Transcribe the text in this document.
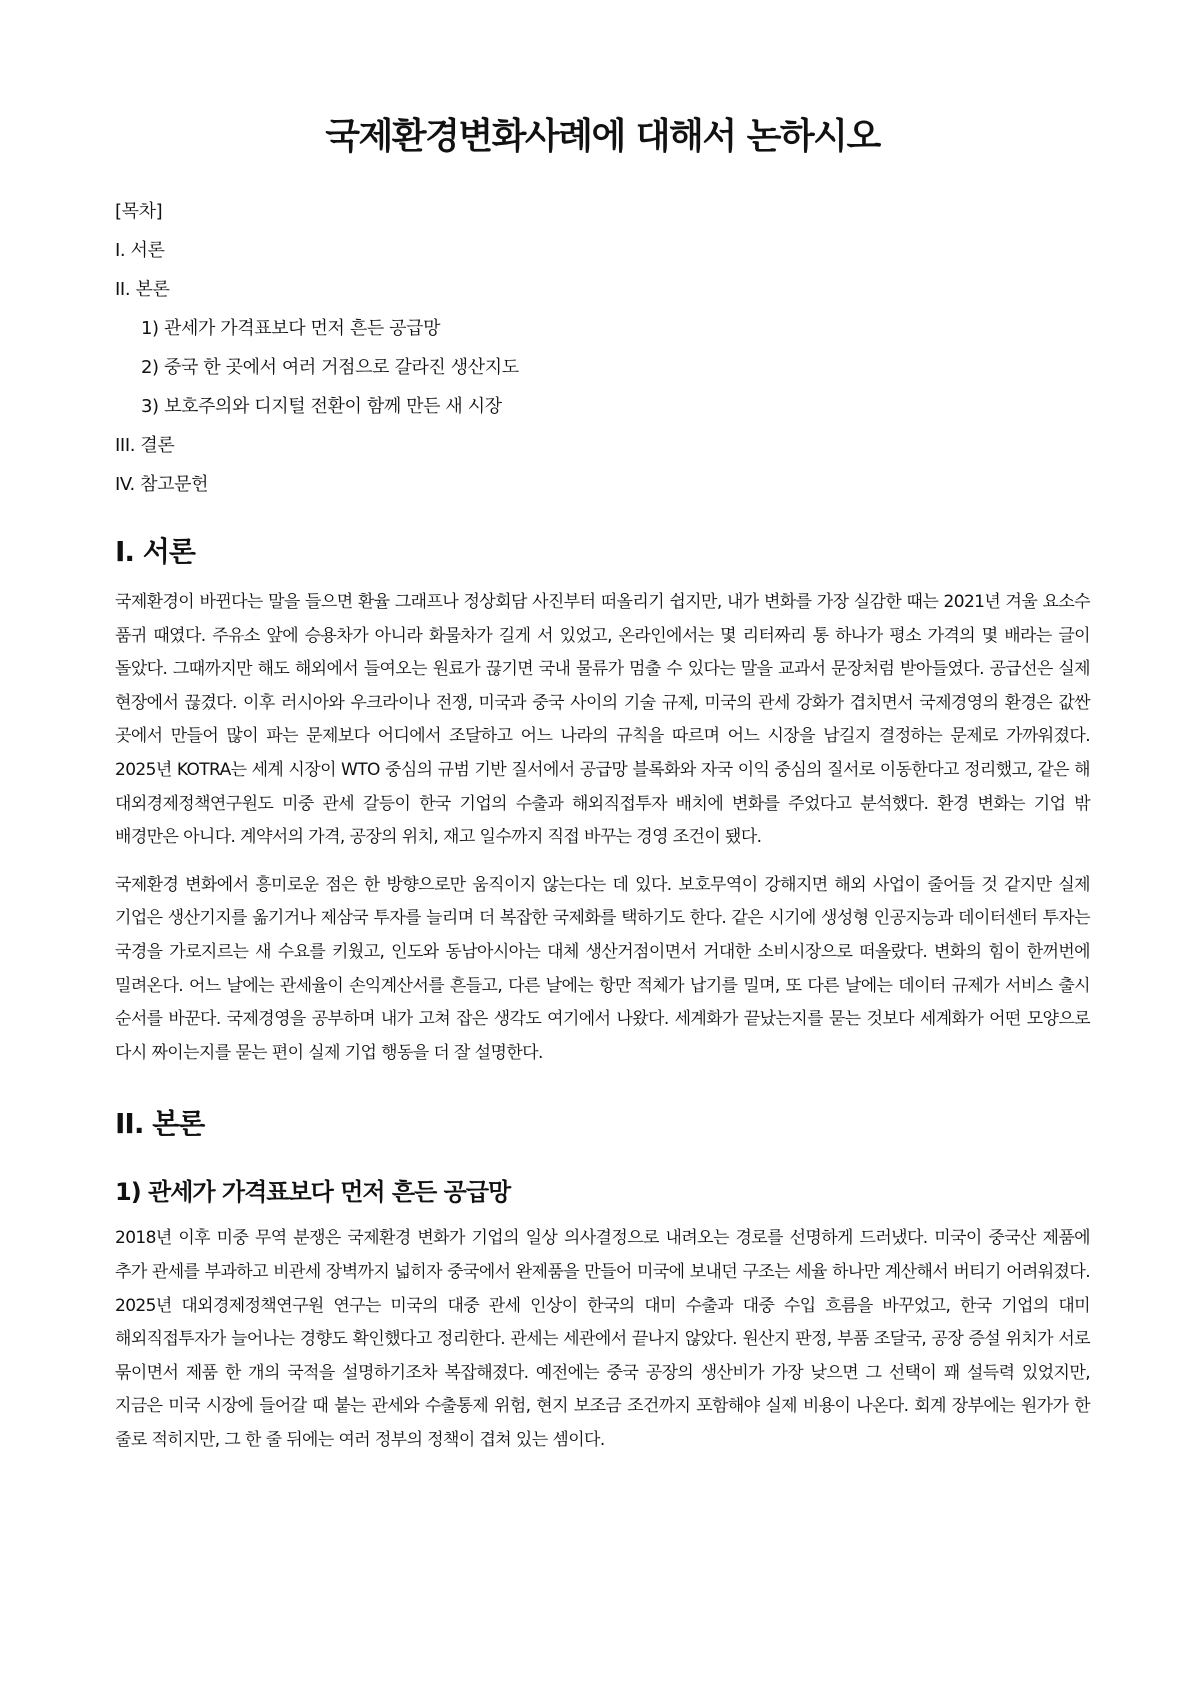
국제환경변화사례에 대해서 논하시오
[목차]
I. 서론
II. 본론
1) 관세가 가격표보다 먼저 흔든 공급망
2) 중국 한 곳에서 여러 거점으로 갈라진 생산지도
3) 보호주의와 디지털 전환이 함께 만든 새 시장
III. 결론
IV. 참고문헌
I. 서론

국제환경이 바뀐다는 말을 들으면 환율 그래프나 정상회담 사진부터 떠올리기 쉽지만, 내가 변화를 가장 실감한 때는 2021년 겨울 요소수 품귀 때였다. 주유소 앞에 승용차가 아니라 화물차가 길게 서 있었고, 온라인에서는 몇 리터짜리 통 하나가 평소 가격의 몇 배라는 글이 돌았다. 그때까지만 해도 해외에서 들여오는 원료가 끊기면 국내 물류가 멈출 수 있다는 말을 교과서 문장처럼 받아들였다. 공급선은 실제 현장에서 끊겼다. 이후 러시아와 우크라이나 전쟁, 미국과 중국 사이의 기술 규제, 미국의 관세 강화가 겹치면서 국제경영의 환경은 값싼 곳에서 만들어 많이 파는 문제보다 어디에서 조달하고 어느 나라의 규칙을 따르며 어느 시장을 남길지 결정하는 문제로 가까워졌다. 2025년 KOTRA는 세계 시장이 WTO 중심의 규범 기반 질서에서 공급망 블록화와 자국 이익 중심의 질서로 이동한다고 정리했고, 같은 해 대외경제정책연구원도 미중 관세 갈등이 한국 기업의 수출과 해외직접투자 배치에 변화를 주었다고 분석했다. 환경 변화는 기업 밖 배경만은 아니다. 계약서의 가격, 공장의 위치, 재고 일수까지 직접 바꾸는 경영 조건이 됐다.

국제환경 변화에서 흥미로운 점은 한 방향으로만 움직이지 않는다는 데 있다. 보호무역이 강해지면 해외 사업이 줄어들 것 같지만 실제 기업은 생산기지를 옮기거나 제삼국 투자를 늘리며 더 복잡한 국제화를 택하기도 한다. 같은 시기에 생성형 인공지능과 데이터센터 투자는 국경을 가로지르는 새 수요를 키웠고, 인도와 동남아시아는 대체 생산거점이면서 거대한 소비시장으로 떠올랐다. 변화의 힘이 한꺼번에 밀려온다. 어느 날에는 관세율이 손익계산서를 흔들고, 다른 날에는 항만 적체가 납기를 밀며, 또 다른 날에는 데이터 규제가 서비스 출시 순서를 바꾼다. 국제경영을 공부하며 내가 고쳐 잡은 생각도 여기에서 나왔다. 세계화가 끝났는지를 묻는 것보다 세계화가 어떤 모양으로 다시 짜이는지를 묻는 편이 실제 기업 행동을 더 잘 설명한다.

II. 본론
1) 관세가 가격표보다 먼저 흔든 공급망

2018년 이후 미중 무역 분쟁은 국제환경 변화가 기업의 일상 의사결정으로 내려오는 경로를 선명하게 드러냈다. 미국이 중국산 제품에 추가 관세를 부과하고 비관세 장벽까지 넓히자 중국에서 완제품을 만들어 미국에 보내던 구조는 세율 하나만 계산해서 버티기 어려워졌다. 2025년 대외경제정책연구원 연구는 미국의 대중 관세 인상이 한국의 대미 수출과 대중 수입 흐름을 바꾸었고, 한국 기업의 대미 해외직접투자가 늘어나는 경향도 확인했다고 정리한다. 관세는 세관에서 끝나지 않았다. 원산지 판정, 부품 조달국, 공장 증설 위치가 서로 묶이면서 제품 한 개의 국적을 설명하기조차 복잡해졌다. 예전에는 중국 공장의 생산비가 가장 낮으면 그 선택이 꽤 설득력 있었지만, 지금은 미국 시장에 들어갈 때 붙는 관세와 수출통제 위험, 현지 보조금 조건까지 포함해야 실제 비용이 나온다. 회계 장부에는 원가가 한 줄로 적히지만, 그 한 줄 뒤에는 여러 정부의 정책이 겹쳐 있는 셈이다.
